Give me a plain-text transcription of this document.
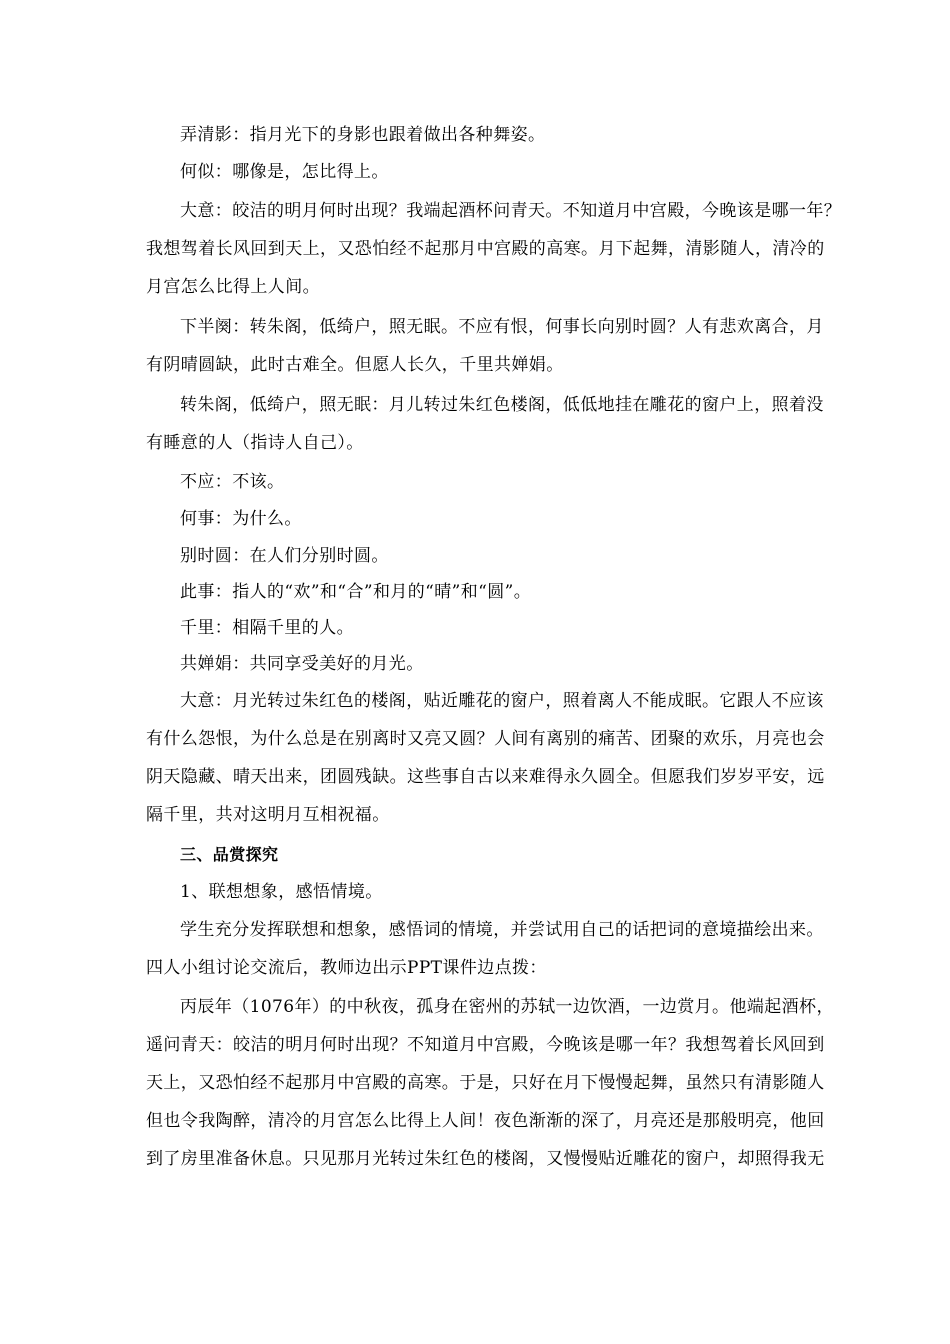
弄清影：指月光下的身影也跟着做出各种舞姿。

何似：哪像是，怎比得上。

大意：皎洁的明月何时出现？我端起酒杯问青天。不知道月中宫殿，今晚该是哪一年？
我想驾着长风回到天上，又恐怕经不起那月中宫殿的高寒。月下起舞，清影随人，清冷的
月宫怎么比得上人间。

下半阕：转朱阁，低绮户，照无眠。不应有恨，何事长向别时圆？人有悲欢离合，月
有阴晴圆缺，此时古难全。但愿人长久，千里共婵娟。

转朱阁，低绮户，照无眠：月儿转过朱红色楼阁，低低地挂在雕花的窗户上，照着没
有睡意的人（指诗人自己）。

不应：不该。

何事：为什么。

别时圆：在人们分别时圆。

此事：指人的“欢”和“合”和月的“晴”和“圆”。

千里：相隔千里的人。

共婵娟：共同享受美好的月光。

大意：月光转过朱红色的楼阁，贴近雕花的窗户，照着离人不能成眠。它跟人不应该
有什么怨恨，为什么总是在别离时又亮又圆？人间有离别的痛苦、团聚的欢乐，月亮也会
阴天隐藏、晴天出来，团圆残缺。这些事自古以来难得永久圆全。但愿我们岁岁平安，远
隔千里，共对这明月互相祝福。

三、品赏探究

1、联想想象，感悟情境。

学生充分发挥联想和想象，感悟词的情境，并尝试用自己的话把词的意境描绘出来。
四人小组讨论交流后，教师边出示PPT课件边点拨：

丙辰年（1076年）的中秋夜，孤身在密州的苏轼一边饮酒，一边赏月。他端起酒杯，
遥问青天：皎洁的明月何时出现？不知道月中宫殿，今晚该是哪一年？我想驾着长风回到
天上，又恐怕经不起那月中宫殿的高寒。于是，只好在月下慢慢起舞，虽然只有清影随人
但也令我陶醉，清冷的月宫怎么比得上人间！夜色渐渐的深了，月亮还是那般明亮，他回
到了房里准备休息。只见那月光转过朱红色的楼阁，又慢慢贴近雕花的窗户，却照得我无
